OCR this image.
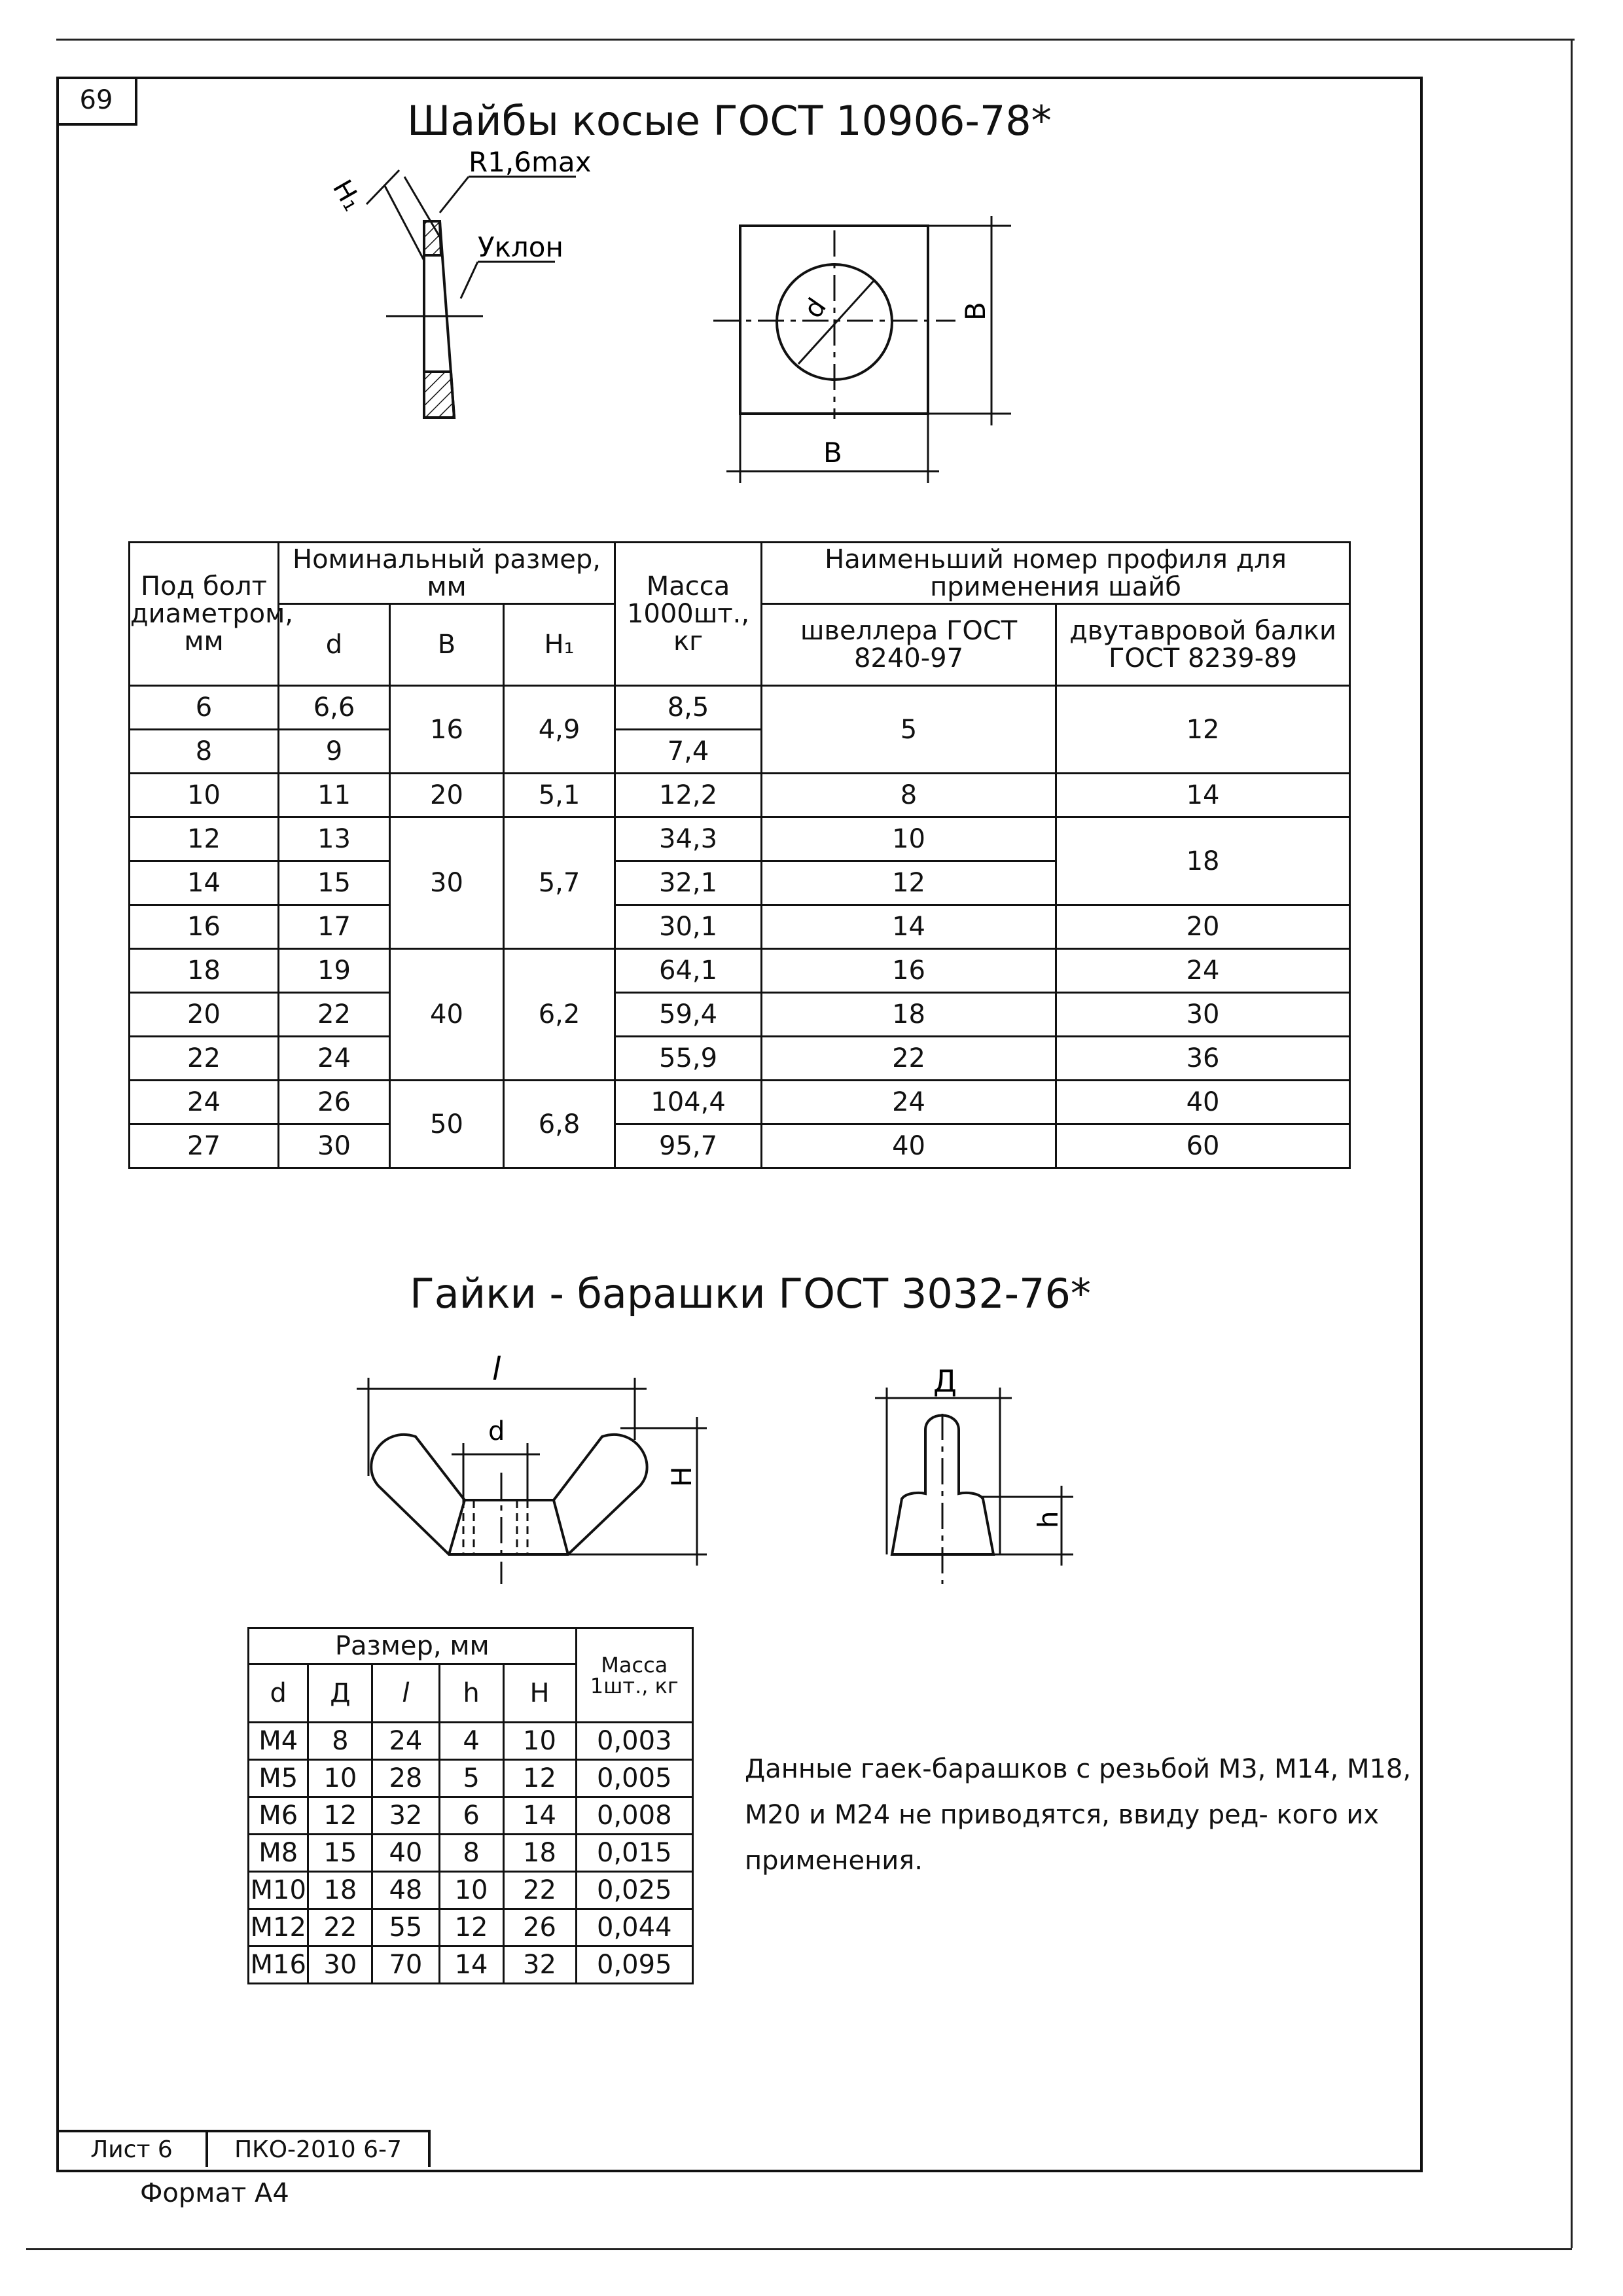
69	Шайбы косые ГОСТ 10906-78*
H₁
R1,6max
Уклон
d	B
B
Под болт диаметром, мм	Номинальный размер, мм			Масса 1000шт., кг	Наименьший номер профиля для применения шайб	
	d	B	H₁		швеллера ГОСТ 8240-97	двутавровой балки ГОСТ 8239-89
6	6,6	16	4,9	8,5	5	12
8	9			7,4		
10	11	20	5,1	12,2	8	14
12	13	30	5,7	34,3	10	18
14	15			32,1	12	
16	17			30,1	14	20
18	19	40	6,2	64,1	16	24
20	22			59,4	18	30
22	24			55,9	22	36
24	26	50	6,8	104,4	24	40
27	30			95,7	40	60
Гайки - барашки ГОСТ 3032-76*
l
d
H
Д
h
Размер, мм					Масса 1шт., кг
d	Д	l	h	H	
M4	8	24	4	10	0,003
M5	10	28	5	12	0,005
M6	12	32	6	14	0,008
M8	15	40	8	18	0,015
M10	18	48	10	22	0,025
M12	22	55	12	26	0,044
M16	30	70	14	32	0,095
Данные гаек-барашков с резьбой М3, М14, М18, М20 и М24 не приводятся, ввиду ред- кого их применения.
Лист 6	ПКО-2010 6-7
Формат А4
